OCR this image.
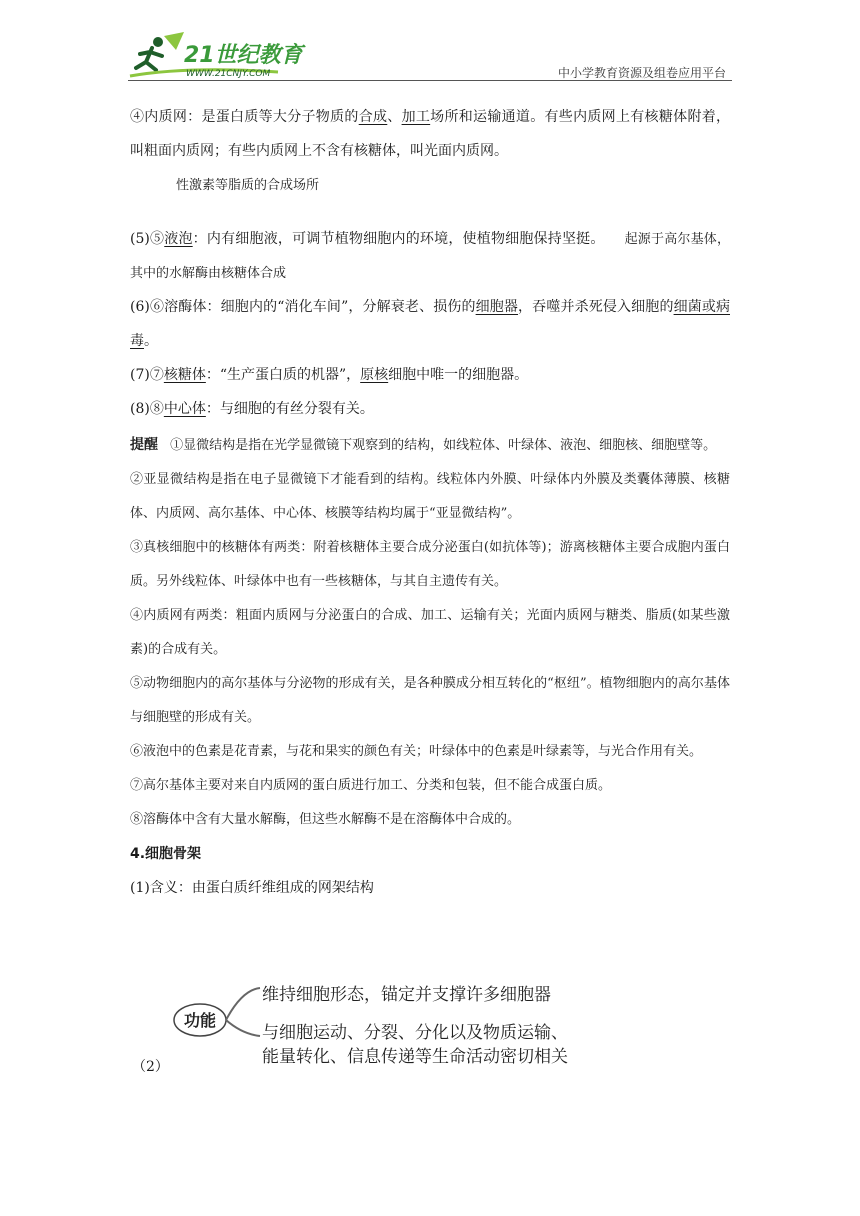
21世纪教育
WWW.21CNJY.COM	中小学教育资源及组卷应用平台

④内质网：是蛋白质等大分子物质的合成、加工场所和运输通道。有些内质网上有核糖体附着，叫粗面内质网；有些内质网上不含有核糖体，叫光面内质网。

性激素等脂质的合成场所

(5)⑤液泡：内有细胞液，可调节植物细胞内的环境，使植物细胞保持坚挺。 起源于高尔基体，其中的水解酶由核糖体合成

(6)⑥溶酶体：细胞内的“消化车间”，分解衰老、损伤的细胞器，吞噬并杀死侵入细胞的细菌或病毒。

(7)⑦核糖体：“生产蛋白质的机器”，原核细胞中唯一的细胞器。

(8)⑧中心体：与细胞的有丝分裂有关。

提醒 ①显微结构是指在光学显微镜下观察到的结构，如线粒体、叶绿体、液泡、细胞核、细胞壁等。

②亚显微结构是指在电子显微镜下才能看到的结构。线粒体内外膜、叶绿体内外膜及类囊体薄膜、核糖体、内质网、高尔基体、中心体、核膜等结构均属于“亚显微结构”。

③真核细胞中的核糖体有两类：附着核糖体主要合成分泌蛋白(如抗体等)；游离核糖体主要合成胞内蛋白质。另外线粒体、叶绿体中也有一些核糖体，与其自主遗传有关。

④内质网有两类：粗面内质网与分泌蛋白的合成、加工、运输有关；光面内质网与糖类、脂质(如某些激素)的合成有关。

⑤动物细胞内的高尔基体与分泌物的形成有关，是各种膜成分相互转化的“枢纽”。植物细胞内的高尔基体与细胞壁的形成有关。

⑥液泡中的色素是花青素，与花和果实的颜色有关；叶绿体中的色素是叶绿素等，与光合作用有关。

⑦高尔基体主要对来自内质网的蛋白质进行加工、分类和包装，但不能合成蛋白质。

⑧溶酶体中含有大量水解酶，但这些水解酶不是在溶酶体中合成的。

4.细胞骨架

(1)含义：由蛋白质纤维组成的网架结构

功能
维持细胞形态，锚定并支撑许多细胞器
与细胞运动、分裂、分化以及物质运输、
能量转化、信息传递等生命活动密切相关
（2）
